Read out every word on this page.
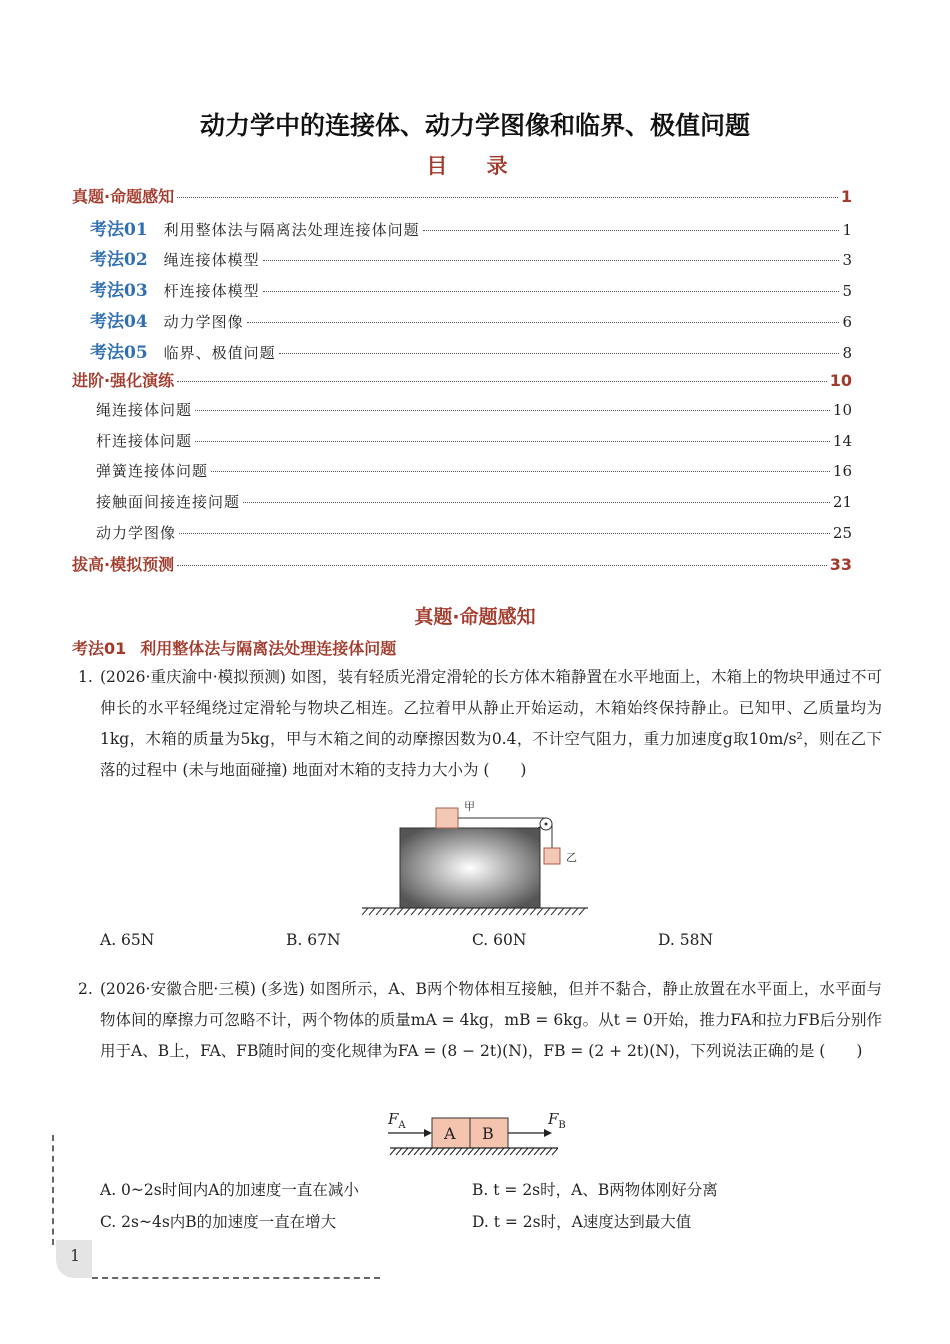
动力学中的连接体、动力学图像和临界、极值问题
目 录
真题·命题感知	1
考法01 利用整体法与隔离法处理连接体问题	1
考法02 绳连接体模型	3
考法03 杆连接体模型	5
考法04 动力学图像	6
考法05 临界、极值问题	8
进阶·强化演练	10
绳连接体问题	10
杆连接体问题	14
弹簧连接体问题	16
接触面间接连接问题	21
动力学图像	25
拔高·模拟预测	33
真题·命题感知
考法01 利用整体法与隔离法处理连接体问题
1. (2026·重庆渝中·模拟预测) 如图，装有轻质光滑定滑轮的长方体木箱静置在水平地面上，木箱上的物块甲通过不可伸长的水平轻绳绕过定滑轮与物块乙相连。乙拉着甲从静止开始运动，木箱始终保持静止。已知甲、乙质量均为1kg，木箱的质量为5kg，甲与木箱之间的动摩擦因数为0.4，不计空气阻力，重力加速度g取10m/s²，则在乙下落的过程中 (未与地面碰撞) 地面对木箱的支持力大小为 (　　)
甲
乙
A. 65N	B. 67N	C. 60N	D. 58N
2. (2026·安徽合肥·三模) (多选) 如图所示，A、B两个物体相互接触，但并不黏合，静止放置在水平面上，水平面与物体间的摩擦力可忽略不计，两个物体的质量mA = 4kg，mB = 6kg。从t = 0开始，推力FA和拉力FB后分别作用于A、B上，FA、FB随时间的变化规律为FA = (8 − 2t)(N)，FB = (2 + 2t)(N)，下列说法正确的是 (　　)
$F_A$ A B
$F_B$
A. 0~2s时间内A的加速度一直在减小	B. t = 2s时，A、B两物体刚好分离
C. 2s~4s内B的加速度一直在增大	D. t = 2s时，A速度达到最大值
1
